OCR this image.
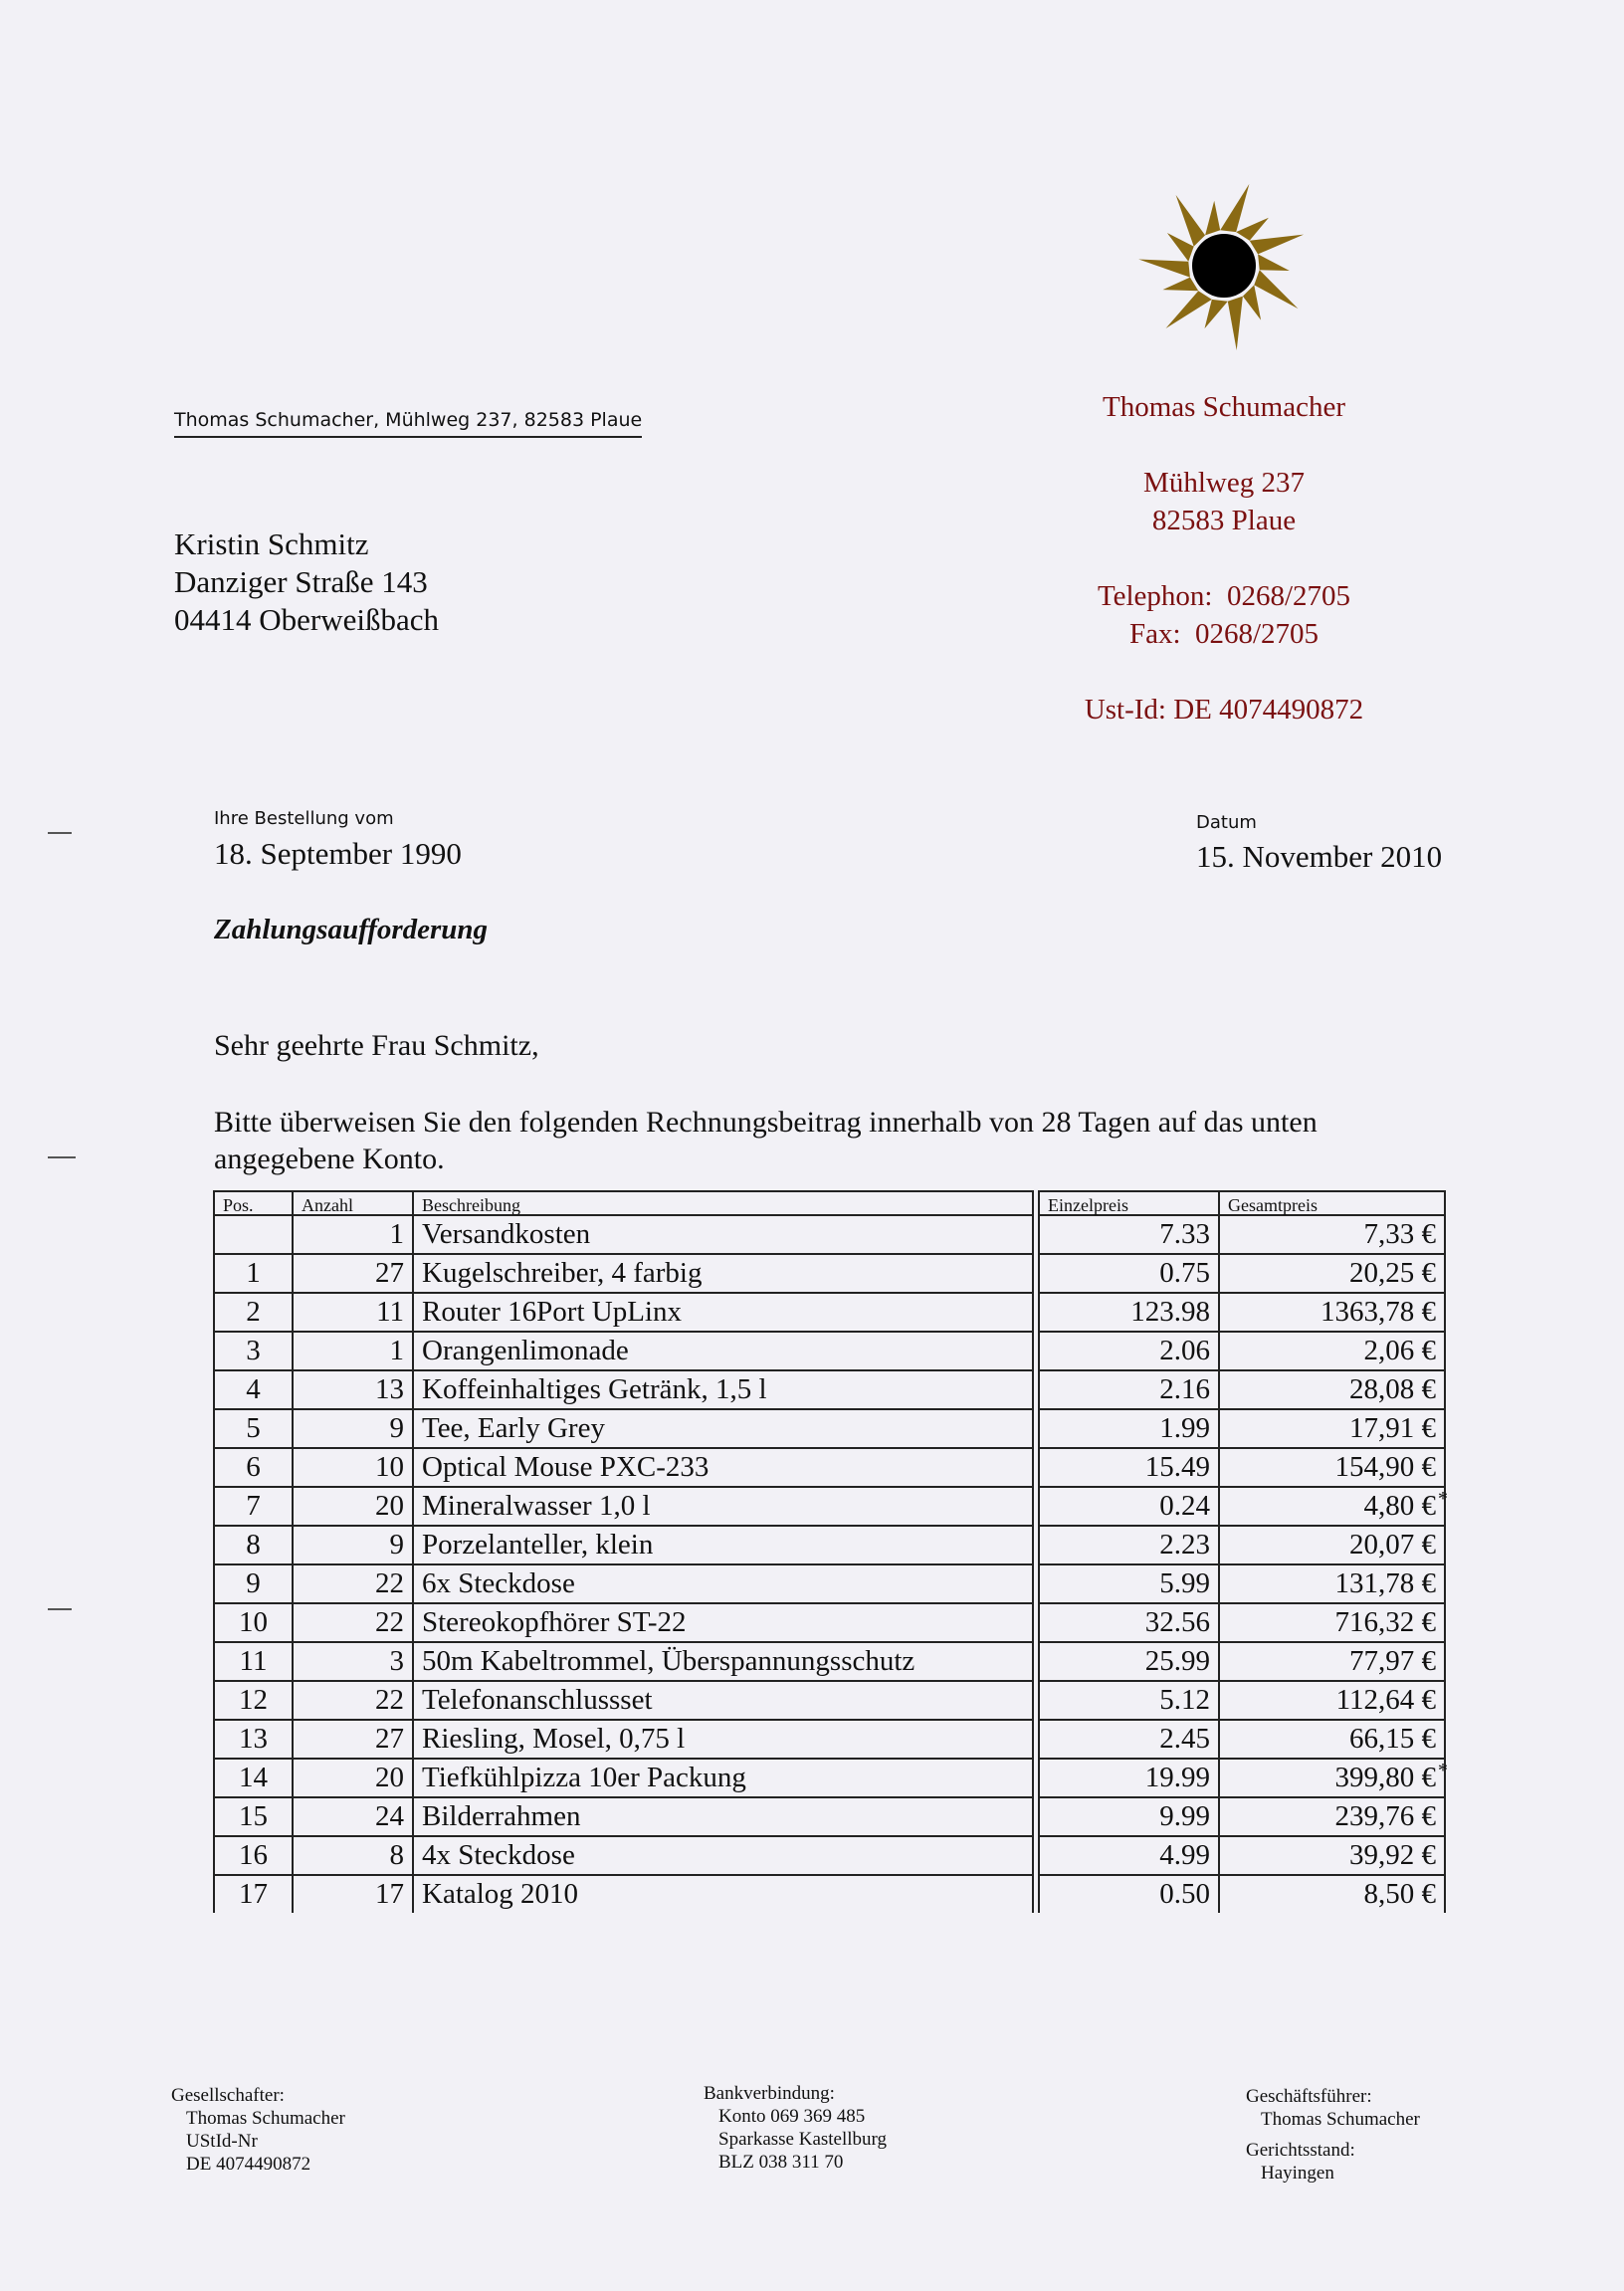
Thomas Schumacher, Mühlweg 237, 82583 Plaue
Kristin Schmitz
Danziger Straße 143
04414 Oberweißbach
Thomas Schumacher
Mühlweg 237
82583 Plaue
Telephon:  0268/2705
Fax:  0268/2705
Ust-Id: DE 4074490872
Ihre Bestellung vom
18. September 1990
Datum
15. November 2010
Zahlungsaufforderung
Sehr geehrte Frau Schmitz,
Bitte überweisen Sie den folgenden Rechnungsbeitrag innerhalb von 28 Tagen auf das unten angegebene Konto.
Pos.	Anzahl	Beschreibung		Einzelpreis	Gesamtpreis
	1	Versandkosten		7.33	7,33 €

1	27	Kugelschreiber, 4 farbig		0.75	20,25 €

2	11	Router 16Port UpLinx		123.98	1363,78 €

3	1	Orangenlimonade		2.06	2,06 €

4	13	Koffeinhaltiges Getränk, 1,5 l		2.16	28,08 €

5	9	Tee, Early Grey		1.99	17,91 €

6	10	Optical Mouse PXC-233		15.49	154,90 €

7	20	Mineralwasser 1,0 l		0.24	4,80 € *

8	9	Porzelanteller, klein		2.23	20,07 €

9	22	6x Steckdose		5.99	131,78 €

10	22	Stereokopfhörer ST-22		32.56	716,32 €

11	3	50m Kabeltrommel, Überspannungsschutz		25.99	77,97 €

12	22	Telefonanschlussset		5.12	112,64 €

13	27	Riesling, Mosel, 0,75 l		2.45	66,15 €

14	20	Tiefkühlpizza 10er Packung		19.99	399,80 € *

15	24	Bilderrahmen		9.99	239,76 €

16	8	4x Steckdose		4.99	39,92 €

17	17	Katalog 2010		0.50	8,50 €
Gesellschafter:
Thomas Schumacher
UStId-Nr
DE 4074490872
Bankverbindung:
Konto 069 369 485
Sparkasse Kastellburg
BLZ 038 311 70
Geschäftsführer:
Thomas Schumacher
Gerichtsstand:
Hayingen
